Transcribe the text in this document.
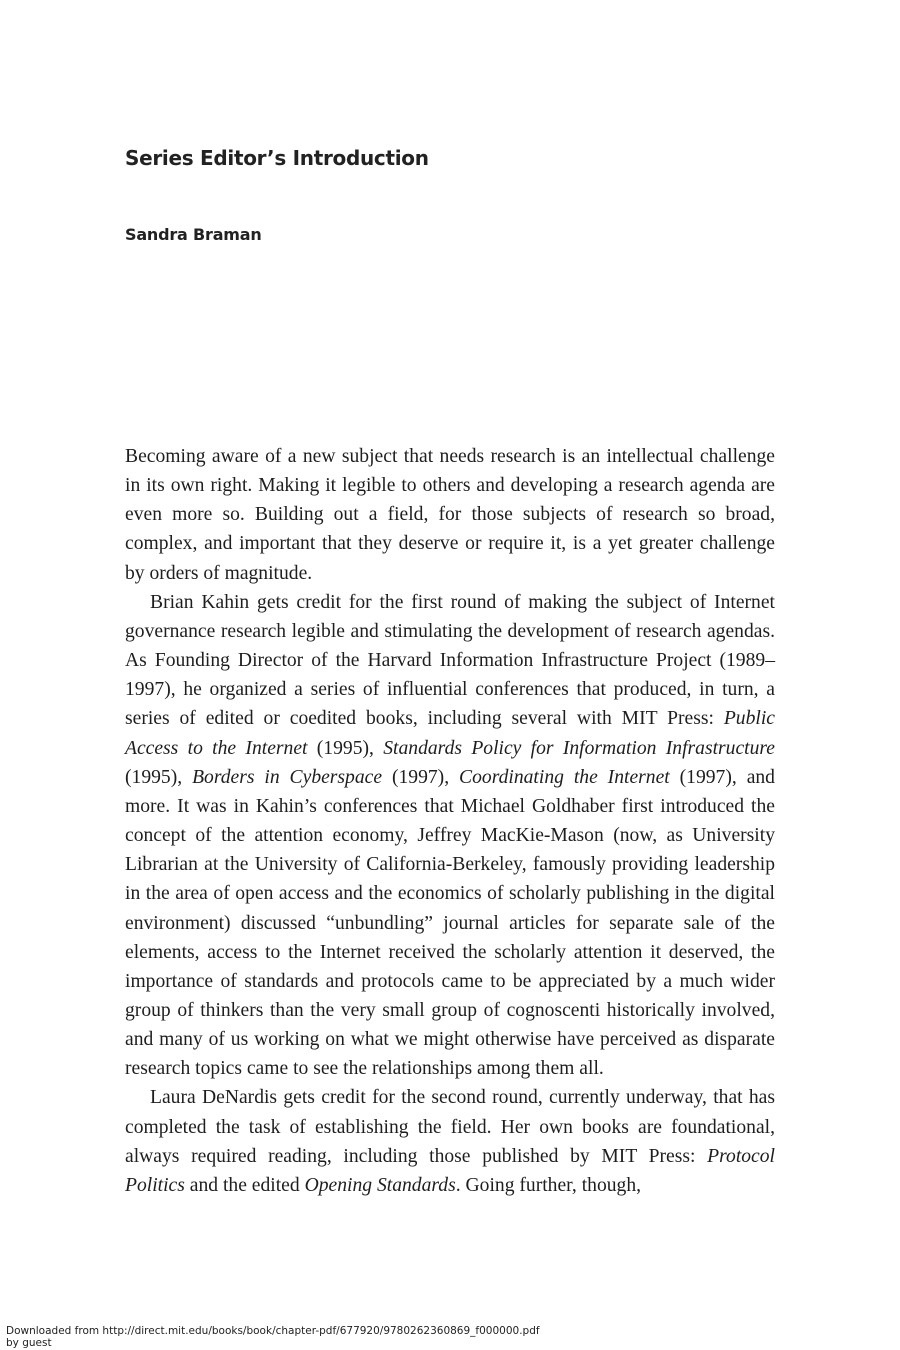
Series Editor’s Introduction
Sandra Braman

Becoming aware of a new subject that needs research is an intellectual challenge in its own right. Making it legible to others and developing a research agenda are even more so. Building out a field, for those subjects of research so broad, complex, and important that they deserve or require it, is a yet greater challenge by orders of magnitude.

Brian Kahin gets credit for the first round of making the subject of Internet governance research legible and stimulating the development of research agendas. As Founding Director of the Harvard Information Infrastructure Project (1989–1997), he organized a series of influential conferences that produced, in turn, a series of edited or coedited books, including several with MIT Press: Public Access to the Internet (1995), Standards Policy for Information Infrastructure (1995), Borders in Cyberspace (1997), Coordinating the Internet (1997), and more. It was in Kahin’s conferences that Michael Goldhaber first introduced the concept of the attention economy, Jeffrey MacKie-Mason (now, as University Librarian at the University of California-Berkeley, famously providing leadership in the area of open access and the economics of scholarly publishing in the digital environment) discussed “unbundling” journal articles for separate sale of the elements, access to the Internet received the scholarly attention it deserved, the importance of standards and protocols came to be appreciated by a much wider group of thinkers than the very small group of cognoscenti historically involved, and many of us working on what we might otherwise have perceived as disparate research topics came to see the relationships among them all.

Laura DeNardis gets credit for the second round, currently underway, that has completed the task of establishing the field. Her own books are foundational, always required reading, including those published by MIT Press: Protocol Politics and the edited Opening Standards. Going further, though,

Downloaded from http://direct.mit.edu/books/book/chapter-pdf/677920/9780262360869_f000000.pdf
by guest
